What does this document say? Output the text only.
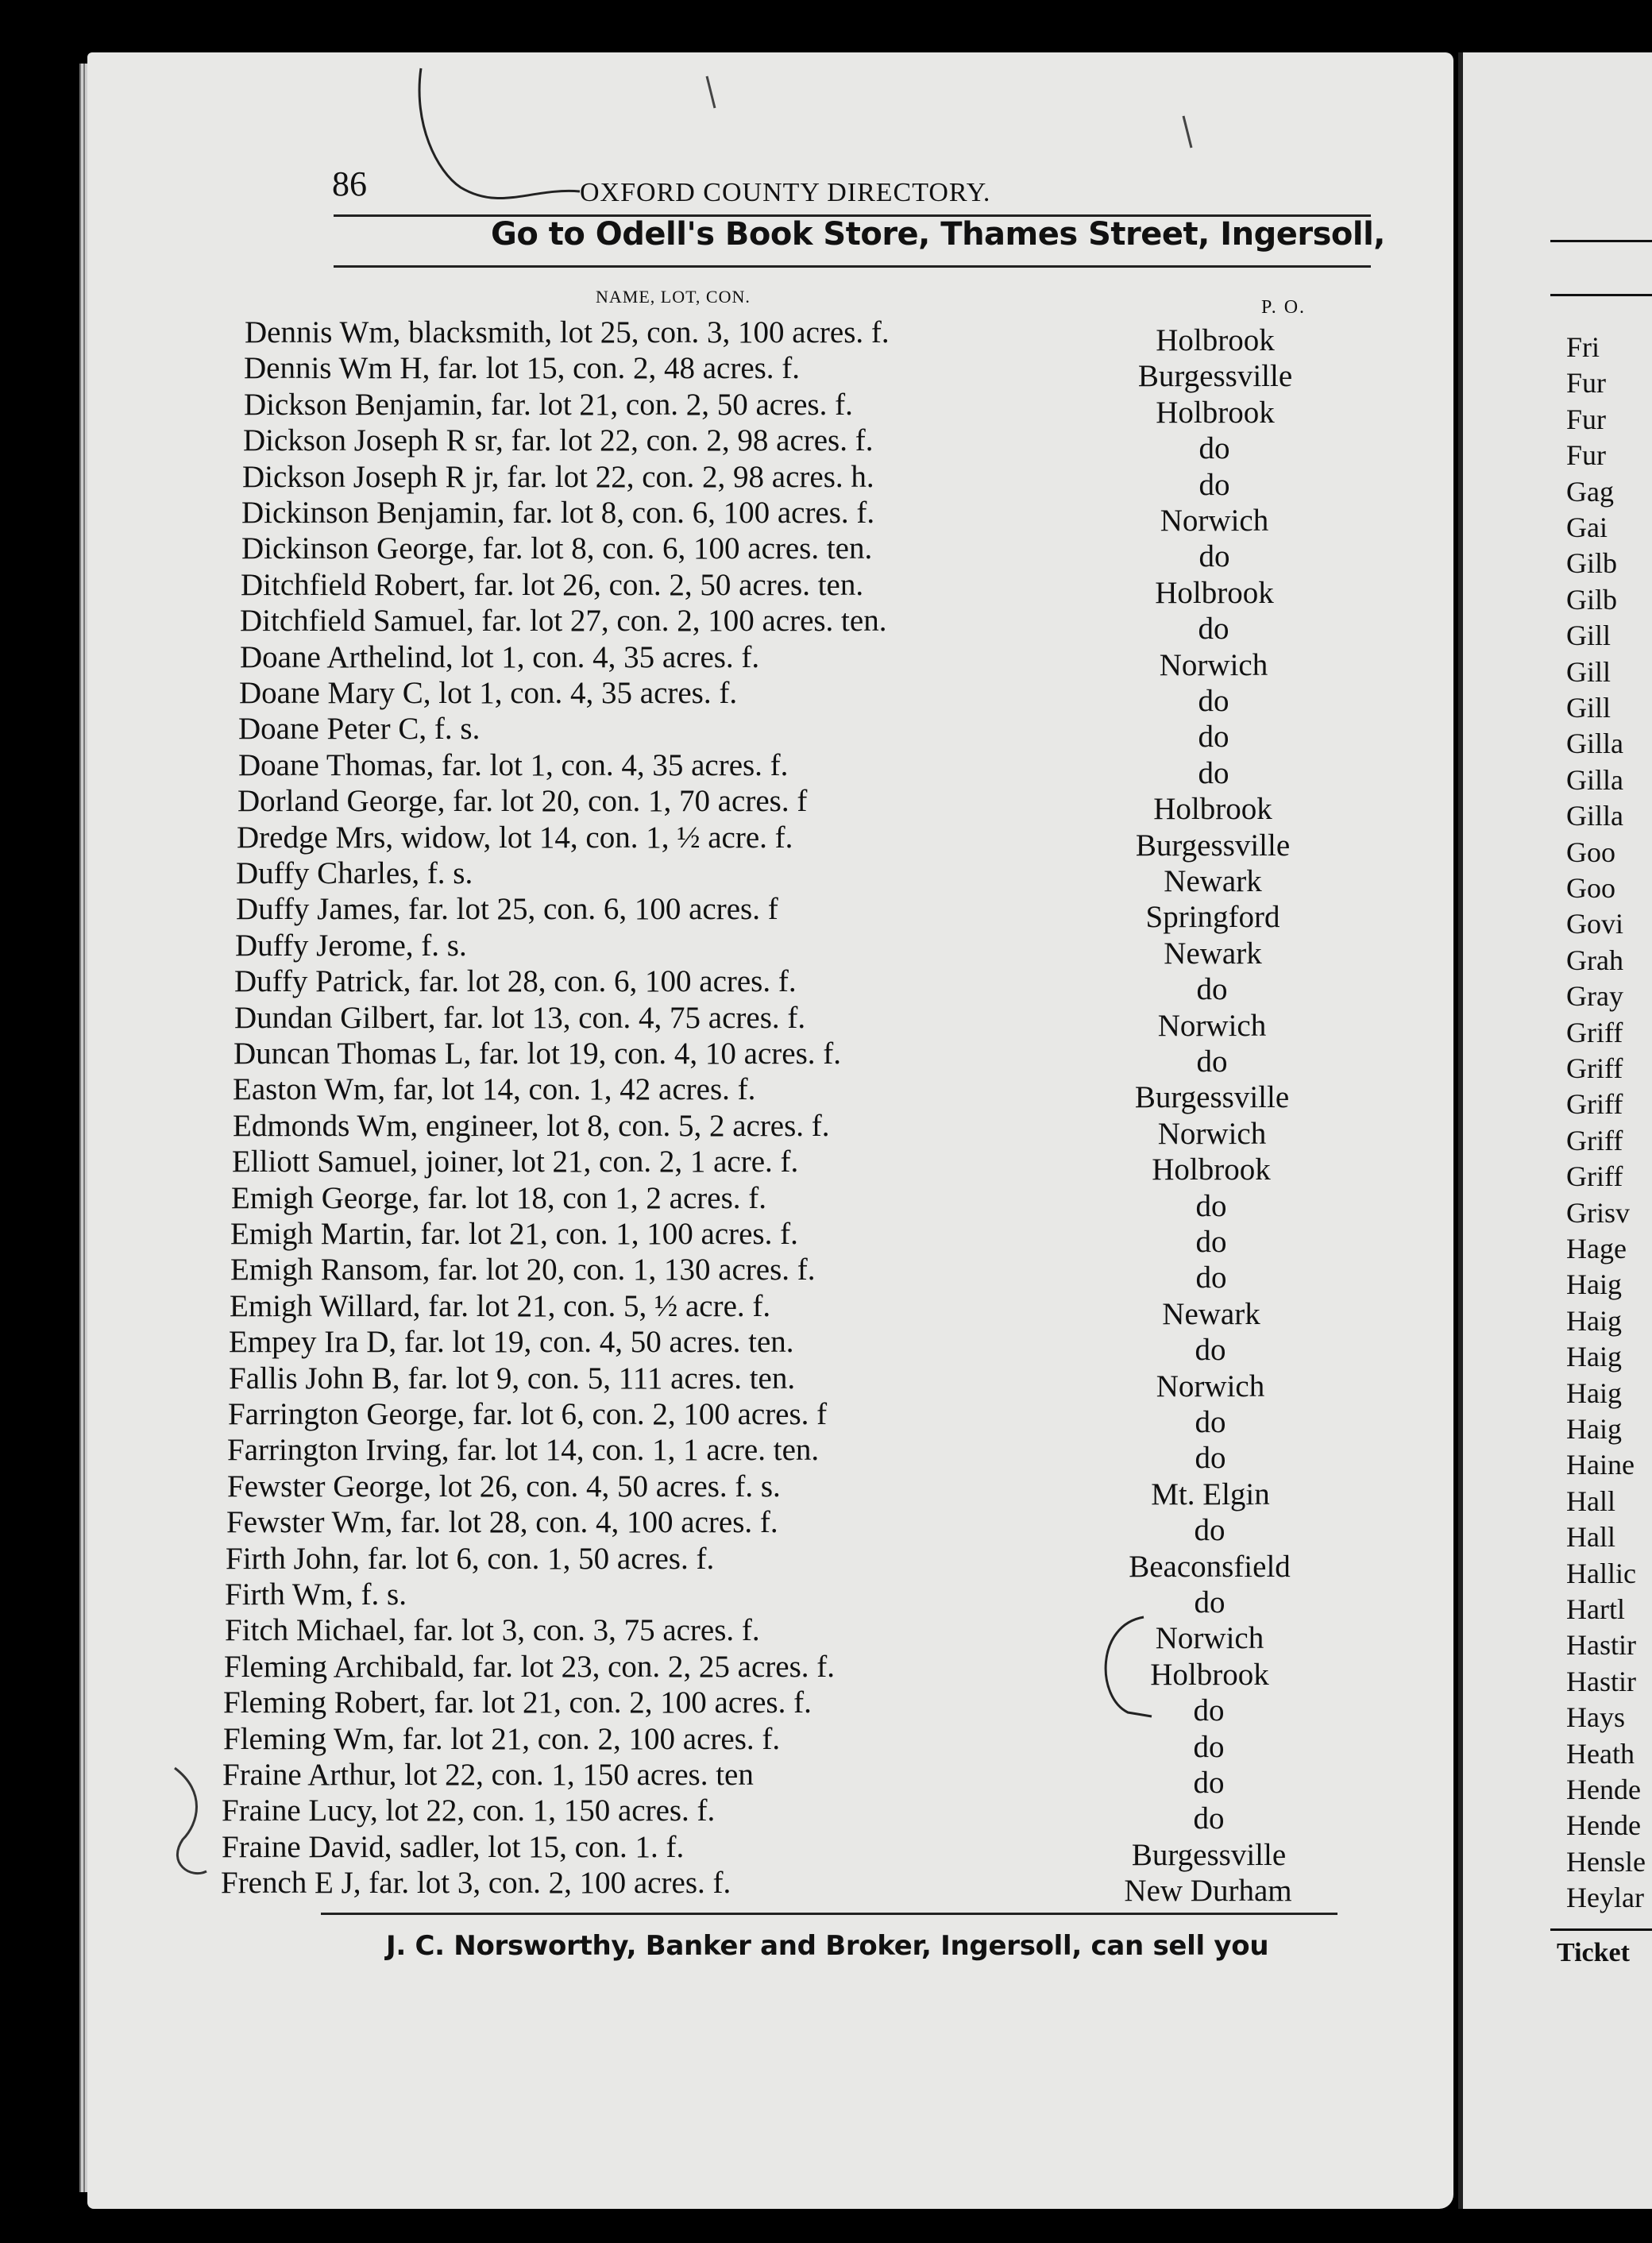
86	OXFORD COUNTY DIRECTORY.
Go to Odell's Book Store, Thames Street, Ingersoll,
NAME, LOT, CON.
P. O.
Dennis Wm, blacksmith, lot 25, con. 3, 100 acres. f.	Holbrook
Dennis Wm H, far. lot 15, con. 2, 48 acres. f.	Burgessville
Dickson Benjamin, far. lot 21, con. 2, 50 acres. f.	Holbrook
Dickson Joseph R sr, far. lot 22, con. 2, 98 acres. f.	do
Dickson Joseph R jr, far. lot 22, con. 2, 98 acres. h.	do
Dickinson Benjamin, far. lot 8, con. 6, 100 acres. f.	Norwich
Dickinson George, far. lot 8, con. 6, 100 acres. ten.	do
Ditchfield Robert, far. lot 26, con. 2, 50 acres. ten.	Holbrook
Ditchfield Samuel, far. lot 27, con. 2, 100 acres. ten.	do
Doane Arthelind, lot 1, con. 4, 35 acres. f.	Norwich
Doane Mary C, lot 1, con. 4, 35 acres. f.	do
Doane Peter C, f. s.	do
Doane Thomas, far. lot 1, con. 4, 35 acres. f.	do
Dorland George, far. lot 20, con. 1, 70 acres. f	Holbrook
Dredge Mrs, widow, lot 14, con. 1, ½ acre. f.	Burgessville
Duffy Charles, f. s.	Newark
Duffy James, far. lot 25, con. 6, 100 acres. f	Springford
Duffy Jerome, f. s.	Newark
Duffy Patrick, far. lot 28, con. 6, 100 acres. f.	do
Dundan Gilbert, far. lot 13, con. 4, 75 acres. f.	Norwich
Duncan Thomas L, far. lot 19, con. 4, 10 acres. f.	do
Easton Wm, far, lot 14, con. 1, 42 acres. f.	Burgessville
Edmonds Wm, engineer, lot 8, con. 5, 2 acres. f.	Norwich
Elliott Samuel, joiner, lot 21, con. 2, 1 acre. f.	Holbrook
Emigh George, far. lot 18, con 1, 2 acres. f.	do
Emigh Martin, far. lot 21, con. 1, 100 acres. f.	do
Emigh Ransom, far. lot 20, con. 1, 130 acres. f.	do
Emigh Willard, far. lot 21, con. 5, ½ acre. f.	Newark
Empey Ira D, far. lot 19, con. 4, 50 acres. ten.	do
Fallis John B, far. lot 9, con. 5, 111 acres. ten.	Norwich
Farrington George, far. lot 6, con. 2, 100 acres. f	do
Farrington Irving, far. lot 14, con. 1, 1 acre. ten.	do
Fewster George, lot 26, con. 4, 50 acres. f. s.	Mt. Elgin
Fewster Wm, far. lot 28, con. 4, 100 acres. f.	do
Firth John, far. lot 6, con. 1, 50 acres. f.	Beaconsfield
Firth Wm, f. s.	do
Fitch Michael, far. lot 3, con. 3, 75 acres. f.	Norwich
Fleming Archibald, far. lot 23, con. 2, 25 acres. f.	Holbrook
Fleming Robert, far. lot 21, con. 2, 100 acres. f.	do
Fleming Wm, far. lot 21, con. 2, 100 acres. f.	do
Fraine Arthur, lot 22, con. 1, 150 acres. ten	do
Fraine Lucy, lot 22, con. 1, 150 acres. f.	do
Fraine David, sadler, lot 15, con. 1. f.	Burgessville
French E J, far. lot 3, con. 2, 100 acres. f.	New Durham
J. C. Norsworthy, Banker and Broker, Ingersoll, can sell you
Fri
Fur
Fur
Fur
Gag
Gai
Gilb
Gilb
Gill
Gill
Gill
Gilla
Gilla
Gilla
Goo
Goo
Govi
Grah
Gray
Griff
Griff
Griff
Griff
Griff
Grisv
Hage
Haig
Haig
Haig
Haig
Haig
Haine
Hall
Hall
Hallic
Hartl
Hastir
Hastir
Hays
Heath
Hende
Hende
Hensle
Heylar
Ticket
